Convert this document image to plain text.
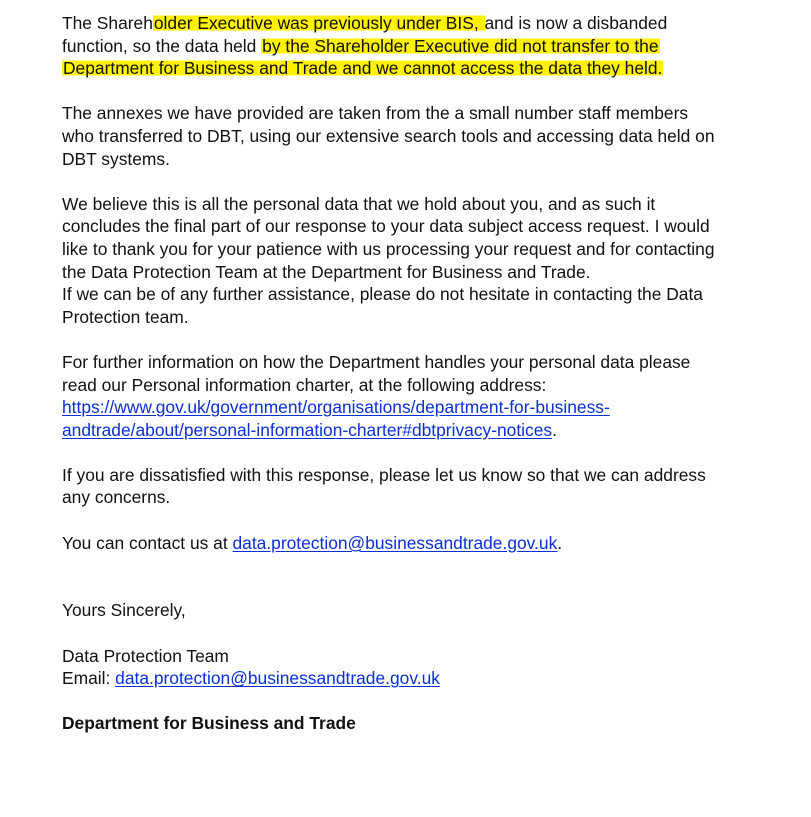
The Shareholder Executive was previously under BIS, and is now a disbanded
function, so the data held by the Shareholder Executive did not transfer to the
Department for Business and Trade and we cannot access the data they held.
The annexes we have provided are taken from the a small number staff members
who transferred to DBT, using our extensive search tools and accessing data held on
DBT systems.
We believe this is all the personal data that we hold about you, and as such it
concludes the final part of our response to your data subject access request. I would
like to thank you for your patience with us processing your request and for contacting
the Data Protection Team at the Department for Business and Trade.
If we can be of any further assistance, please do not hesitate in contacting the Data
Protection team.
For further information on how the Department handles your personal data please
read our Personal information charter, at the following address:
https://www.gov.uk/government/organisations/department-for-business-
andtrade/about/personal-information-charter#dbtprivacy-notices.
If you are dissatisfied with this response, please let us know so that we can address
any concerns.
You can contact us at data.protection@businessandtrade.gov.uk.
Yours Sincerely,
Data Protection Team
Email: data.protection@businessandtrade.gov.uk
Department for Business and Trade
